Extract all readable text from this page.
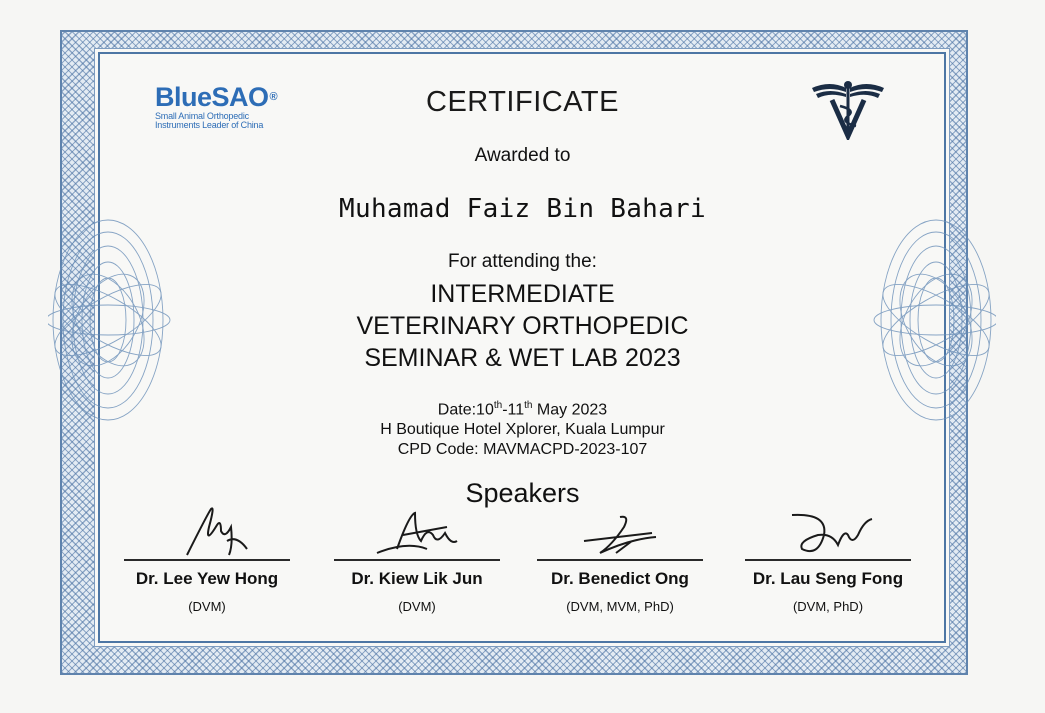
BlueSAO®
Small Animal Orthopedic
Instruments Leader of China
CERTIFICATE
Awarded to
Muhamad Faiz Bin Bahari
For attending the:
INTERMEDIATE
VETERINARY ORTHOPEDIC
SEMINAR & WET LAB 2023
Date:10th-11th May 2023
H Boutique Hotel Xplorer, Kuala Lumpur
CPD Code: MAVMACPD-2023-107
Speakers
Dr. Lee Yew Hong
(DVM)
Dr. Kiew Lik Jun
(DVM)
Dr. Benedict Ong
(DVM, MVM, PhD)
Dr. Lau Seng Fong
(DVM, PhD)
